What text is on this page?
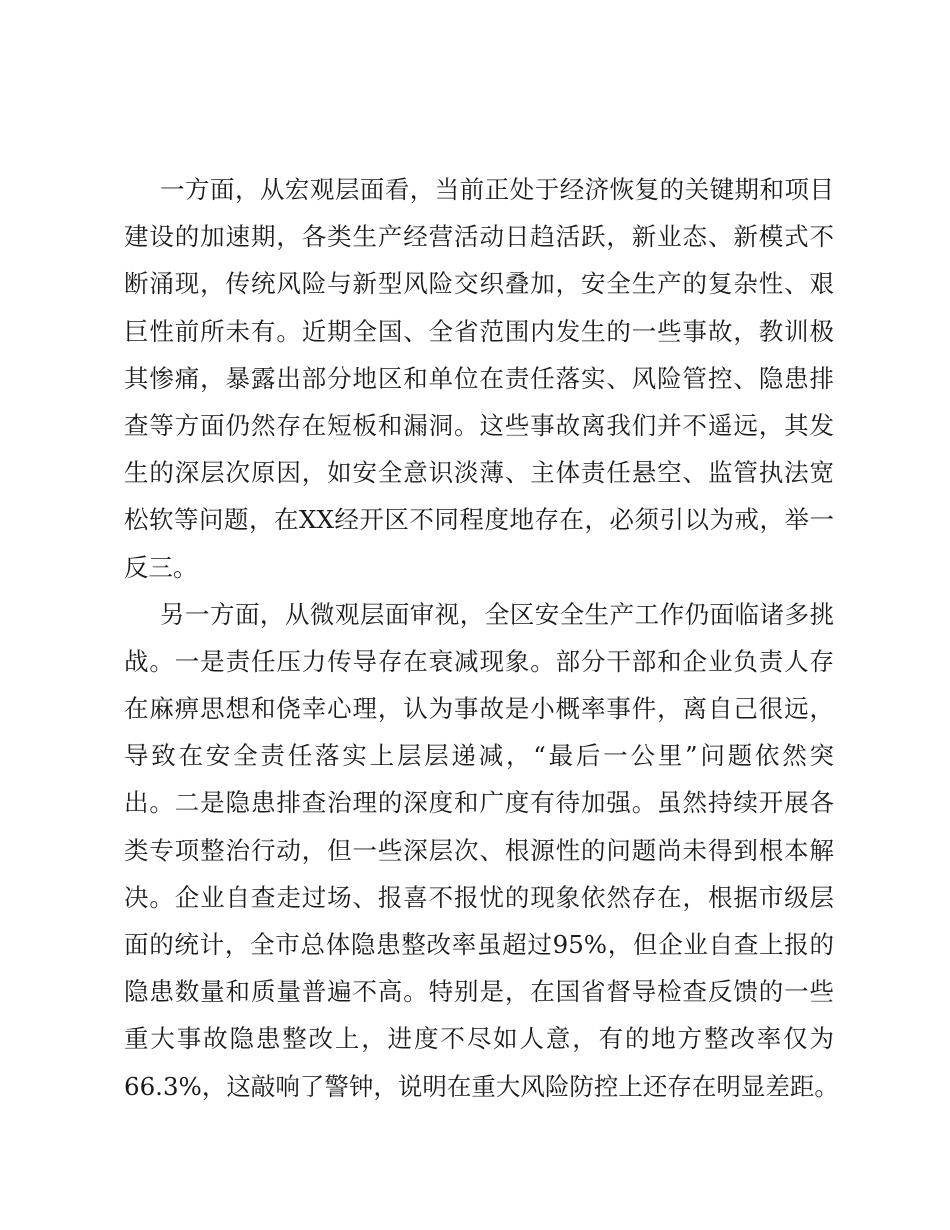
一方面，从宏观层面看，当前正处于经济恢复的关键期和项目
建设的加速期，各类生产经营活动日趋活跃，新业态、新模式不
断涌现，传统风险与新型风险交织叠加，安全生产的复杂性、艰
巨性前所未有。近期全国、全省范围内发生的一些事故，教训极
其惨痛，暴露出部分地区和单位在责任落实、风险管控、隐患排
查等方面仍然存在短板和漏洞。这些事故离我们并不遥远，其发
生的深层次原因，如安全意识淡薄、主体责任悬空、监管执法宽
松软等问题，在XX经开区不同程度地存在，必须引以为戒，举一
反三。
另一方面，从微观层面审视，全区安全生产工作仍面临诸多挑
战。一是责任压力传导存在衰减现象。部分干部和企业负责人存
在麻痹思想和侥幸心理，认为事故是小概率事件，离自己很远，
导致在安全责任落实上层层递减，“最后一公里”问题依然突
出。二是隐患排查治理的深度和广度有待加强。虽然持续开展各
类专项整治行动，但一些深层次、根源性的问题尚未得到根本解
决。企业自查走过场、报喜不报忧的现象依然存在，根据市级层
面的统计，全市总体隐患整改率虽超过95%，但企业自查上报的
隐患数量和质量普遍不高。特别是，在国省督导检查反馈的一些
重大事故隐患整改上，进度不尽如人意，有的地方整改率仅为
66.3%，这敲响了警钟，说明在重大风险防控上还存在明显差距。
